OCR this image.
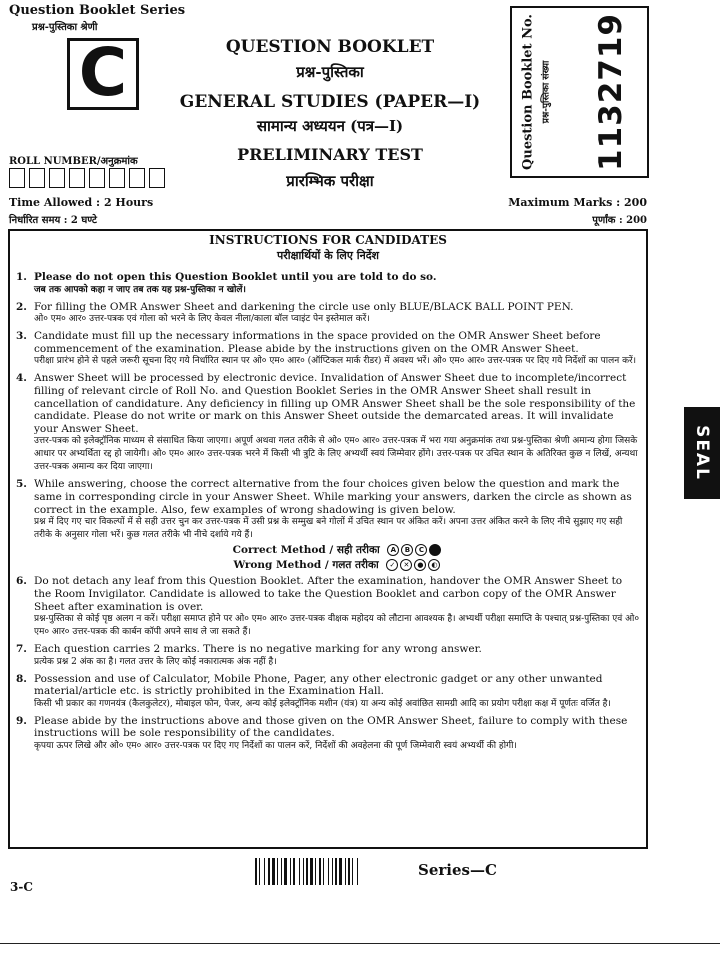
Question Booklet Series
प्रश्न-पुस्तिका श्रेणी
C	QUESTION BOOKLET
प्रश्न-पुस्तिका
GENERAL STUDIES (PAPER—I)
सामान्य अध्ययन (पत्र—I)
PRELIMINARY TEST
प्रारम्भिक परीक्षा
Question Booklet No. प्रश्न-पुस्तिका संख्या 1132719
ROLL NUMBER/अनुक्रमांक
Time Allowed : 2 Hours
निर्धारित समय : 2 घण्टे
Maximum Marks : 200
पूर्णांक : 200
INSTRUCTIONS FOR CANDIDATES
परीक्षार्थियों के लिए निर्देश
1. Please do not open this Question Booklet until you are told to do so.
जब तक आपको कहा न जाए तब तक यह प्रश्न-पुस्तिका न खोलें।
2. For filling the OMR Answer Sheet and darkening the circle use only BLUE/BLACK BALL POINT PEN.
ओ० एम० आर० उत्तर-पत्रक एवं गोला को भरने के लिए केवल नीला/काला बॉल प्वाइंट पेन इस्तेमाल करें।
3. Candidate must fill up the necessary informations in the space provided on the OMR Answer Sheet before commencement of the examination. Please abide by the instructions given on the OMR Answer Sheet.
परीक्षा प्रारंभ होने से पहले जरूरी सूचना दिए गये निर्धारित स्थान पर ओ० एम० आर० (ऑप्टिकल मार्क रीडर) में अवश्य भरें। ओ० एम० आर० उत्तर-पत्रक पर दिए गये निर्देशों का पालन करें।
4. Answer Sheet will be processed by electronic device. Invalidation of Answer Sheet due to incomplete/incorrect filling of relevant circle of Roll No. and Question Booklet Series in the OMR Answer Sheet shall result in cancellation of candidature. Any deficiency in filling up OMR Answer Sheet shall be the sole responsibility of the candidate. Please do not write or mark on this Answer Sheet outside the demarcated areas. It will invalidate your Answer Sheet.
उत्तर-पत्रक को इलेक्ट्रॉनिक माध्यम से संसाधित किया जाएगा। अपूर्ण अथवा गलत तरीके से ओ० एम० आर० उत्तर-पत्रक में भरा गया अनुक्रमांक तथा प्रश्न-पुस्तिका श्रेणी अमान्य होगा जिसके आधार पर अभ्यर्थिता रद्द हो जायेगी। ओ० एम० आर० उत्तर-पत्रक भरने में किसी भी त्रुटि के लिए अभ्यर्थी स्वयं जिम्मेवार होंगे। उत्तर-पत्रक पर उचित स्थान के अतिरिक्त कुछ न लिखें, अन्यथा उत्तर-पत्रक अमान्य कर दिया जाएगा।
5. While answering, choose the correct alternative from the four choices given below the question and mark the same in corresponding circle in your Answer Sheet. While marking your answers, darken the circle as shown as correct in the example. Also, few examples of wrong shadowing is given below.
प्रश्न में दिए गए चार विकल्पों में से सही उत्तर चुन कर उत्तर-पत्रक में उसी प्रश्न के सम्मुख बने गोलों में उचित स्थान पर अंकित करें। अपना उत्तर अंकित करने के लिए नीचे सुझाए गए सही तरीके के अनुसार गोला भरें। कुछ गलत तरीके भी नीचे दर्शाये गये हैं।
Correct Method / सही तरीका	A	B	C
Wrong Method / गलत तरीका	✓	✕	●	◐
6. Do not detach any leaf from this Question Booklet. After the examination, handover the OMR Answer Sheet to the Room Invigilator. Candidate is allowed to take the Question Booklet and carbon copy of the OMR Answer Sheet after examination is over.
प्रश्न-पुस्तिका से कोई पृष्ठ अलग न करें। परीक्षा समाप्त होने पर ओ० एम० आर० उत्तर-पत्रक वीक्षक महोदय को लौटाना आवश्यक है। अभ्यर्थी परीक्षा समाप्ति के पश्चात् प्रश्न-पुस्तिका एवं ओ० एम० आर० उत्तर-पत्रक की कार्बन कॉपी अपने साथ ले जा सकते हैं।
7. Each question carries 2 marks. There is no negative marking for any wrong answer.
प्रत्येक प्रश्न 2 अंक का है। गलत उत्तर के लिए कोई नकारात्मक अंक नहीं है।
8. Possession and use of Calculator, Mobile Phone, Pager, any other electronic gadget or any other unwanted material/article etc. is strictly prohibited in the Examination Hall.
किसी भी प्रकार का गणनयंत्र (कैलकुलेटर), मोबाइल फोन, पेजर, अन्य कोई इलेक्ट्रॉनिक मशीन (यंत्र) या अन्य कोई अवांछित सामग्री आदि का प्रयोग परीक्षा कक्ष में पूर्णतः वर्जित है।
9. Please abide by the instructions above and those given on the OMR Answer Sheet, failure to comply with these instructions will be sole responsibility of the candidates.
कृपया ऊपर लिखे और ओ० एम० आर० उत्तर-पत्रक पर दिए गए निर्देशों का पालन करें, निर्देशों की अवहेलना की पूर्ण जिम्मेवारी स्वयं अभ्यर्थी की होगी।
SEAL
3-C
Series—C
